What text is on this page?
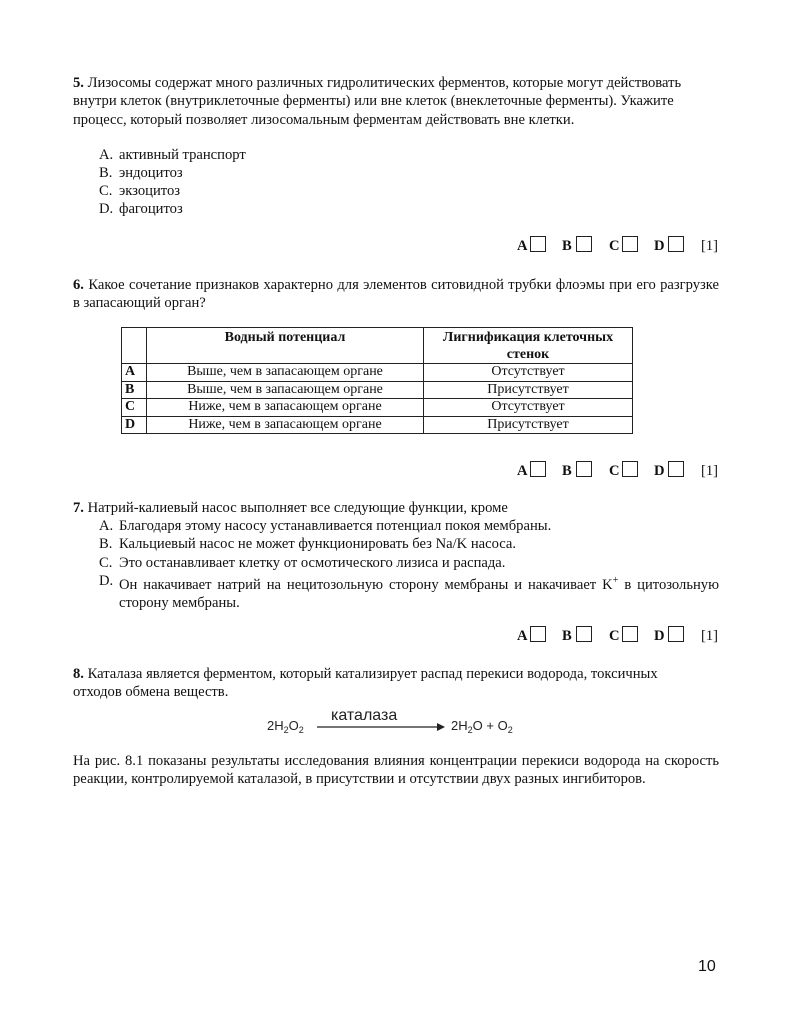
5. Лизосомы содержат много различных гидролитических ферментов, которые могут действовать внутри клеток (внутриклеточные ферменты) или вне клеток (внеклеточные ферменты). Укажите процесс, который позволяет лизосомальным ферментам действовать вне клетки.
A. активный транспорт
B. эндоцитоз
C. экзоцитоз
D. фагоцитоз
A B	C D [1]
6. Какое сочетание признаков характерно для элементов ситовидной трубки флоэмы при его разгрузке в запасающий орган?
	Водный потенциал	Лигнификация клеточных стенок
A	Выше, чем в запасающем органе	Отсутствует
B	Выше, чем в запасающем органе	Присутствует
C	Ниже, чем в запасающем органе	Отсутствует
D	Ниже, чем в запасающем органе	Присутствует
A B	C D [1]
7. Натрий-калиевый насос выполняет все следующие функции, кроме
A. Благодаря этому насосу устанавливается потенциал покоя мембраны.
B. Кальциевый насос не может функционировать без Na/K насоса.
C. Это останавливает клетку от осмотического лизиса и распада.
D. Он накачивает натрий на нецитозольную сторону мембраны и накачивает K+ в цитозольную сторону мембраны.
A B	C D [1]
8. Каталаза является ферментом, который катализирует распад перекиси водорода, токсичных отходов обмена веществ.
$2H_2O_2$
каталаза
$2H_2O + O_2$
На рис. 8.1 показаны результаты исследования влияния концентрации перекиси водорода на скорость реакции, контролируемой каталазой, в присутствии и отсутствии двух разных ингибиторов.
10
